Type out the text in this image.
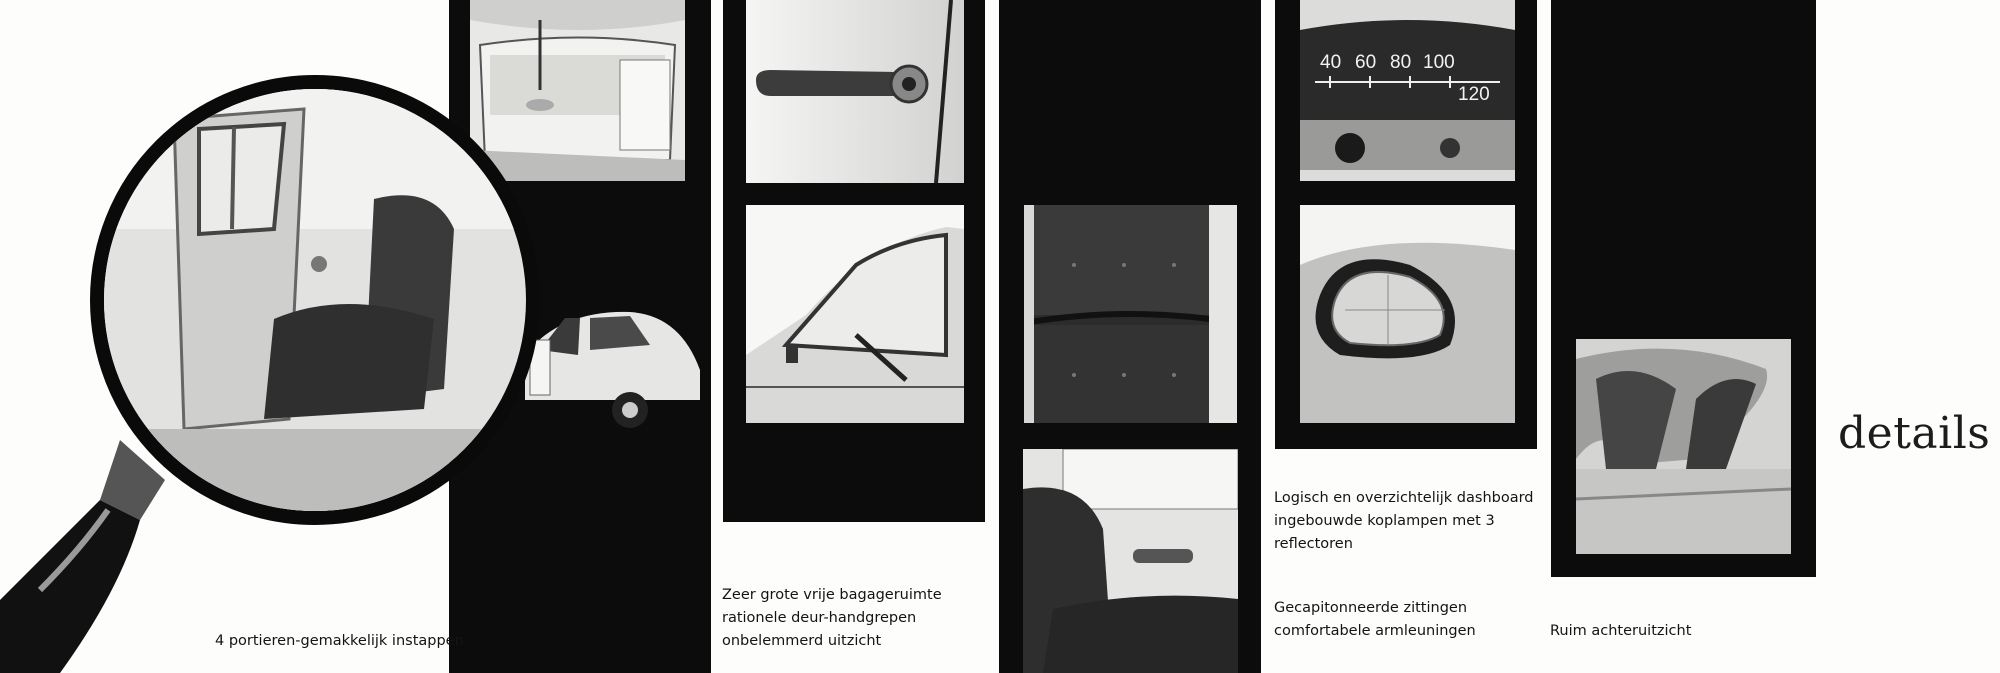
40 60 80 100
120
4 portieren-gemakkelijk instappen
Zeer grote vrije bagageruimte
rationele deur-handgrepen
onbelemmerd uitzicht
Logisch en overzichtelijk dashboard
ingebouwde koplampen met 3
reflectoren
Gecapitonneerde zittingen
comfortabele armleuningen	Ruim achteruitzicht
details
